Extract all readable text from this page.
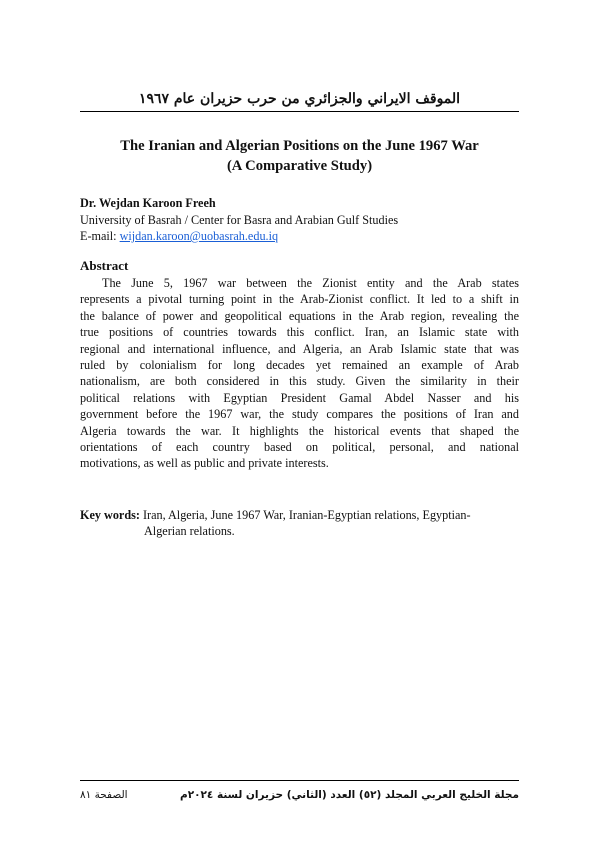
الموقف الايراني والجزائري من حرب حزيران عام ١٩٦٧
The Iranian and Algerian Positions on the June 1967 War
(A Comparative Study)
Dr. Wejdan Karoon Freeh
University of Basrah / Center for Basra and Arabian Gulf Studies
E-mail: wijdan.karoon@uobasrah.edu.iq
Abstract
The June 5, 1967 war between the Zionist entity and the Arab states
represents a pivotal turning point in the Arab-Zionist conflict. It led to a shift in
the balance of power and geopolitical equations in the Arab region, revealing the
true positions of countries towards this conflict. Iran, an Islamic state with
regional and international influence, and Algeria, an Arab Islamic state that was
ruled by colonialism for long decades yet remained an example of Arab
nationalism, are both considered in this study. Given the similarity in their
political relations with Egyptian President Gamal Abdel Nasser and his
government before the 1967 war, the study compares the positions of Iran and
Algeria towards the war. It highlights the historical events that shaped the
orientations of each country based on political, personal, and national
motivations, as well as public and private interests.
Key words: Iran, Algeria, June 1967 War, Iranian-Egyptian relations, Egyptian-
Algerian relations.
مجلة الخليج العربي المجلد (٥٢) العدد (الثاني) حزيران لسنة ٢٠٢٤م
الصفحة ٨١
